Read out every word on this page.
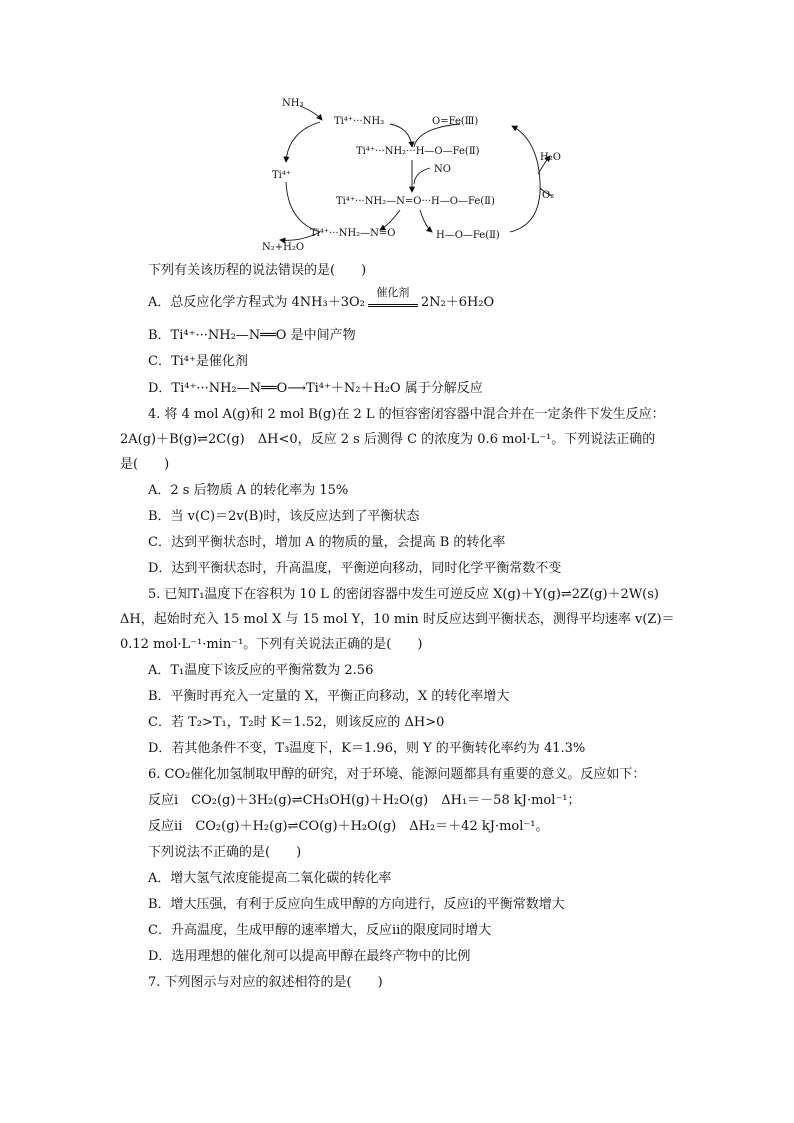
NH₃
Ti⁴⁺
N₂+H₂O
Ti⁴⁺···NH₃	O=Fe(Ⅲ)
Ti⁴⁺···NH₂···H—O—Fe(Ⅱ)
NO
Ti⁴⁺···NH₂—N=O···H—O—Fe(Ⅱ)
Ti⁴⁺···NH₂—N=O	H—O—Fe(Ⅱ)
H₂O
O₂
下列有关该历程的说法错误的是(　　)
A．总反应化学方程式为 4NH₃＋3O₂
催化剂
2N₂＋6H₂O
B．Ti⁴⁺···NH₂—N══O 是中间产物
C．Ti⁴⁺是催化剂
D．Ti⁴⁺···NH₂—N══O⟶Ti⁴⁺＋N₂＋H₂O 属于分解反应
4. 将 4 mol A(g)和 2 mol B(g)在 2 L 的恒容密闭容器中混合并在一定条件下发生反应：
2A(g)＋B(g)⇌2C(g)　ΔH<0，反应 2 s 后测得 C 的浓度为 0.6 mol·L⁻¹。下列说法正确的
是(　　)
A．2 s 后物质 A 的转化率为 15%
B．当 v(C)＝2v(B)时，该反应达到了平衡状态
C．达到平衡状态时，增加 A 的物质的量，会提高 B 的转化率
D．达到平衡状态时，升高温度，平衡逆向移动，同时化学平衡常数不变
5. 已知T₁温度下在容积为 10 L 的密闭容器中发生可逆反应 X(g)＋Y(g)⇌2Z(g)＋2W(s)
ΔH，起始时充入 15 mol X 与 15 mol Y，10 min 时反应达到平衡状态，测得平均速率 v(Z)＝
0.12 mol·L⁻¹·min⁻¹。下列有关说法正确的是(　　)
A．T₁温度下该反应的平衡常数为 2.56
B．平衡时再充入一定量的 X，平衡正向移动，X 的转化率增大
C．若 T₂>T₁，T₂时 K＝1.52，则该反应的 ΔH>0
D．若其他条件不变，T₃温度下，K＝1.96，则 Y 的平衡转化率约为 41.3%
6. CO₂催化加氢制取甲醇的研究，对于环境、能源问题都具有重要的意义。反应如下：
反应ⅰ　CO₂(g)＋3H₂(g)⇌CH₃OH(g)＋H₂O(g)　ΔH₁＝－58 kJ·mol⁻¹；
反应ⅱ　CO₂(g)＋H₂(g)⇌CO(g)＋H₂O(g)　ΔH₂＝＋42 kJ·mol⁻¹。
下列说法不正确的是(　　)
A．增大氢气浓度能提高二氧化碳的转化率
B．增大压强，有利于反应向生成甲醇的方向进行，反应ⅰ的平衡常数增大
C．升高温度，生成甲醇的速率增大，反应ⅱ的限度同时增大
D．选用理想的催化剂可以提高甲醇在最终产物中的比例
7. 下列图示与对应的叙述相符的是(　　)
